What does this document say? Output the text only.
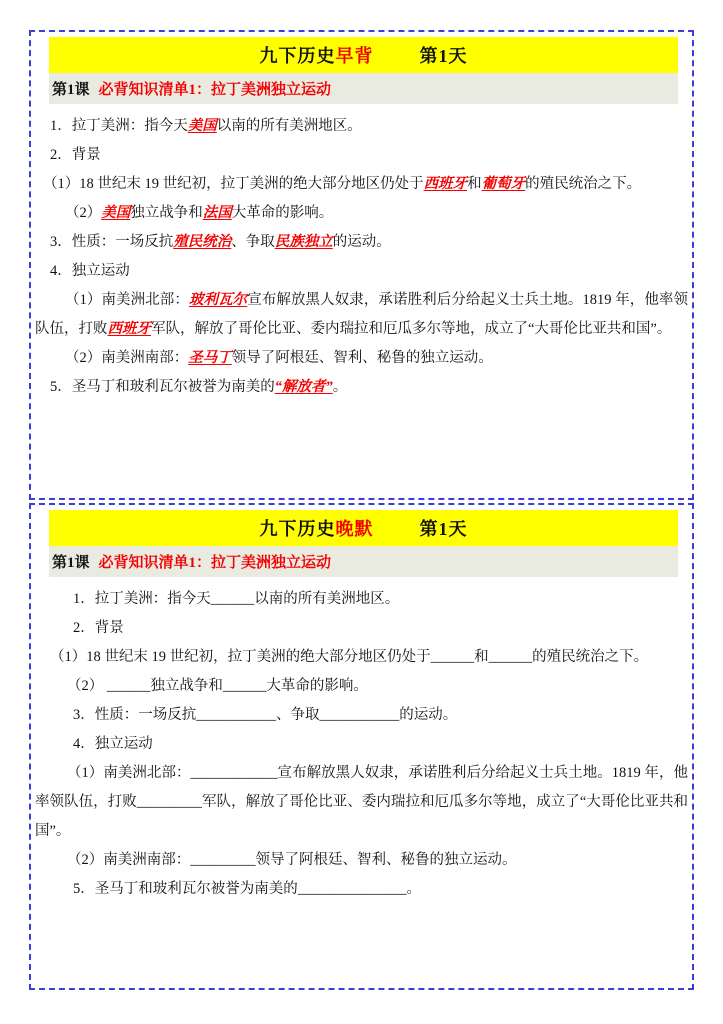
九下历史 早背	第1天
第1课 必背知识清单1：拉丁美洲独立运动

1．拉丁美洲：指今天美国以南的所有美洲地区。

2．背景

（1）18 世纪末 19 世纪初，拉丁美洲的绝大部分地区仍处于西班牙和葡萄牙的殖民统治之下。

（2）美国独立战争和法国大革命的影响。

3．性质：一场反抗殖民统治、争取民族独立的运动。

4．独立运动

（1）南美洲北部：玻利瓦尔宣布解放黑人奴隶，承诺胜利后分给起义士兵土地。1819 年，他率领队伍，打败西班牙军队，解放了哥伦比亚、委内瑞拉和厄瓜多尔等地，成立了“大哥伦比亚共和国”。

（2）南美洲南部：圣马丁领导了阿根廷、智利、秘鲁的独立运动。

5．圣马丁和玻利瓦尔被誉为南美的“解放者”。

九下历史 晚默	第1天
第1课 必背知识清单1：拉丁美洲独立运动

1．拉丁美洲：指今天______以南的所有美洲地区。

2．背景

（1）18 世纪末 19 世纪初，拉丁美洲的绝大部分地区仍处于______和______的殖民统治之下。

（2） ______独立战争和______大革命的影响。

3．性质：一场反抗___________、争取___________的运动。

4．独立运动

（1）南美洲北部：____________宣布解放黑人奴隶，承诺胜利后分给起义士兵土地。1819 年，他率领队伍，打败_________军队，解放了哥伦比亚、委内瑞拉和厄瓜多尔等地，成立了“大哥伦比亚共和国”。

（2）南美洲南部：_________领导了阿根廷、智利、秘鲁的独立运动。

5．圣马丁和玻利瓦尔被誉为南美的_______________。
